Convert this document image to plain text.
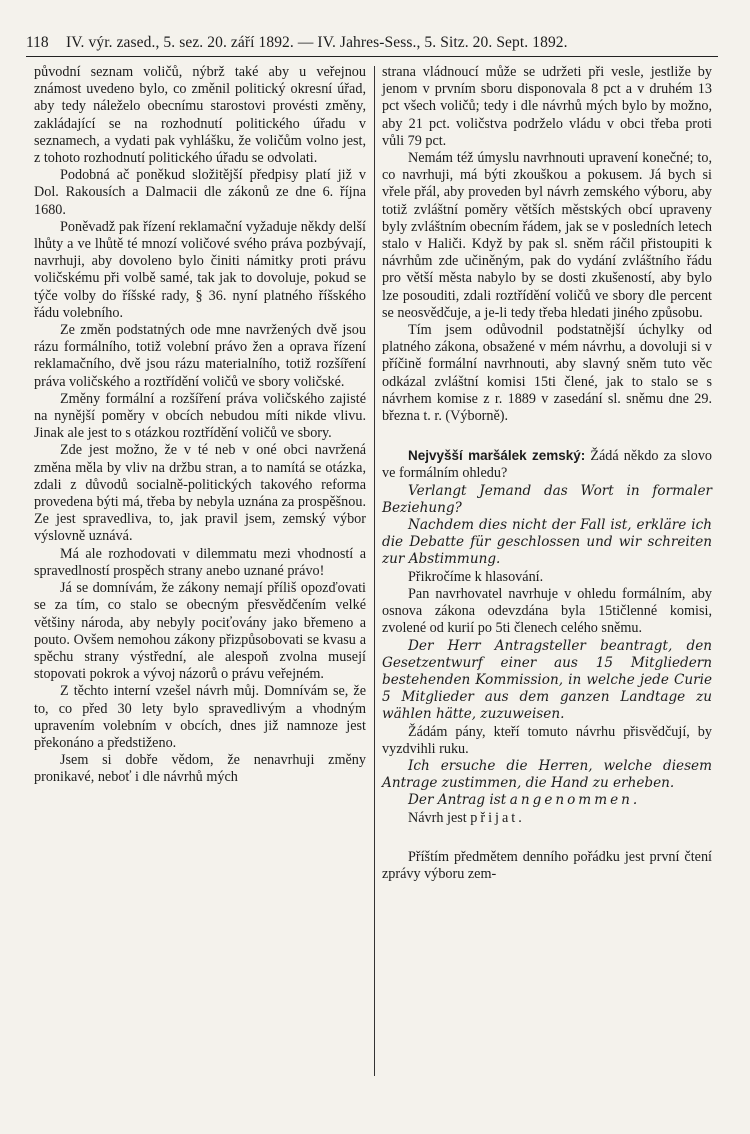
118	IV. výr. zased., 5. sez. 20. září 1892. — IV. Jahres-Sess., 5. Sitz. 20. Sept. 1892.

původní seznam voličů, nýbrž také aby u veřejnou známost uvedeno bylo, co změnil politický okresní úřad, aby tedy náleželo obecnímu starostovi provésti změny, zakládající se na rozhodnutí politického úřadu v seznamech, a vydati pak vyhlášku, že voličům volno jest, z tohoto rozhodnutí politického úřadu se odvolati.

Podobná ač poněkud složitější předpisy platí již v Dol. Rakousích a Dalmacii dle zákonů ze dne 6. října 1680.

Poněvadž pak řízení reklamační vyžaduje někdy delší lhůty a ve lhůtě té mnozí voličové svého práva pozbývají, navrhuji, aby dovoleno bylo činiti námitky proti právu voličskému při volbě samé, tak jak to dovoluje, pokud se týče volby do říšské rady, § 36. nyní platného říšského řádu volebního.

Ze změn podstatných ode mne navržených dvě jsou rázu formálního, totiž volební právo žen a oprava řízení reklamačního, dvě jsou rázu materialního, totiž rozšíření práva voličského a roztřídění voličů ve sbory voličské.

Změny formální a rozšíření práva voličského zajisté na nynější poměry v obcích nebudou míti nikde vlivu. Jinak ale jest to s otázkou roztřídění voličů ve sbory.

Zde jest možno, že v té neb v oné obci navržená změna měla by vliv na držbu stran, a to namítá se otázka, zdali z důvodů socialně-politických takového reforma provedena býti má, třeba by nebyla uznána za prospěšnou. Ze jest spravedliva, to, jak pravil jsem, zemský výbor výslovně uznává.

Má ale rozhodovati v dilemmatu mezi vhodností a spravedlností prospěch strany anebo uznané právo!

Já se domnívám, že zákony nemají příliš opozďovati se za tím, co stalo se obecným přesvědčením velké většiny národa, aby nebyly pociťovány jako břemeno a pouto. Ovšem nemohou zákony přizpůsobovati se kvasu a spěchu strany výstřední, ale alespoň zvolna musejí stopovati pokrok a vývoj názorů o právu veřejném.

Z těchto interní vzešel návrh můj. Domnívám se, že to, co před 30 lety bylo spravedlivým a vhodným upravením volebním v obcích, dnes již namnoze jest překonáno a předstiženo.

Jsem si dobře vědom, že nenavrhuji změny pronikavé, neboť i dle návrhů mých

strana vládnoucí může se udržeti při vesle, jestliže by jenom v prvním sboru disponovala 8 pct a v druhém 13 pct všech voličů; tedy i dle návrhů mých bylo by možno, aby 21 pct. voličstva podrželo vládu v obci třeba proti vůli 79 pct.

Nemám též úmyslu navrhnouti upravení konečné; to, co navrhuji, má býti zkouškou a pokusem. Já bych si vřele přál, aby proveden byl návrh zemského výboru, aby totiž zvláštní poměry větších městských obcí upraveny byly zvláštním obecním řádem, jak se v posledních letech stalo v Haliči. Když by pak sl. sněm ráčil přistoupiti k návrhům zde učiněným, pak do vydání zvláštního řádu pro větší města nabylo by se dosti zkušeností, aby bylo lze posouditi, zdali roztřídění voličů ve sbory dle percent se neosvědčuje, a je-li tedy třeba hledati jiného způsobu.

Tím jsem odůvodnil podstatnější úchylky od platného zákona, obsažené v mém návrhu, a dovoluji si v příčině formální navrhnouti, aby slavný sněm tuto věc odkázal zvláštní komisi 15ti člené, jak to stalo se s návrhem komise z r. 1889 v zasedání sl. sněmu dne 29. března t. r. (Výborně).

Nejvyšší maršálek zemský: Žádá někdo za slovo ve formálním ohledu?

Verlangt Jemand das Wort in formaler Beziehung?

Nachdem dies nicht der Fall ist, erkläre ich die Debatte für geschlossen und wir schreiten zur Abstimmung.

Přikročíme k hlasování.

Pan navrhovatel navrhuje v ohledu formálním, aby osnova zákona odevzdána byla 15tičlenné komisi, zvolené od kurií po 5ti členech celého sněmu.

Der Herr Antragsteller beantragt, den Gesetzentwurf einer aus 15 Mitgliedern bestehenden Kommission, in welche jede Curie 5 Mitglieder aus dem ganzen Landtage zu wählen hätte, zuzuweisen.

Žádám pány, kteří tomuto návrhu přisvědčují, by vyzdvihli ruku.

Ich ersuche die Herren, welche diesem Antrage zustimmen, die Hand zu erheben.

Der Antrag ist angenommen.

Návrh jest přijat.

Příštím předmětem denního pořádku jest první čtení zprávy výboru zem-
